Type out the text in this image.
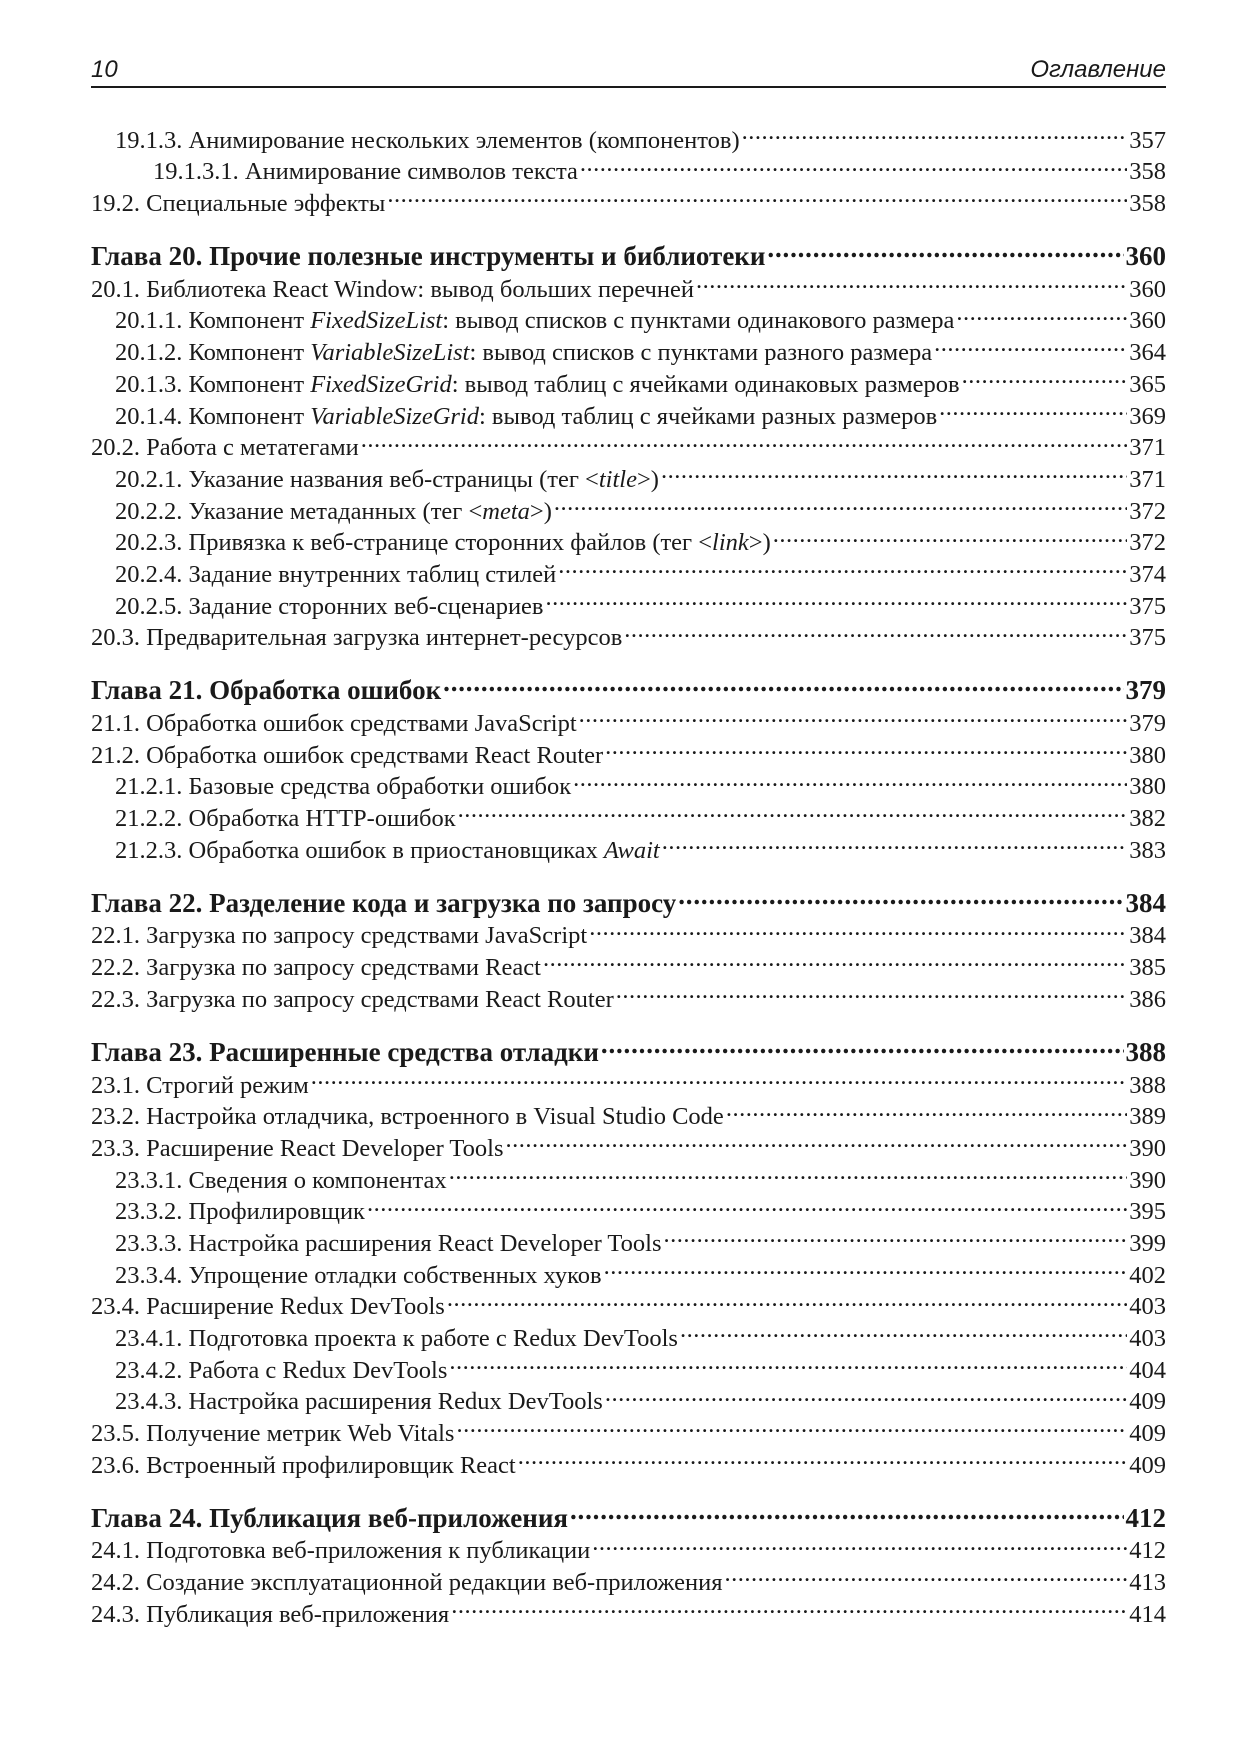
10	Оглавление
19.1.3. Анимирование нескольких элементов (компонентов) .....	357
19.1.3.1. Анимирование символов текста .....	358
19.2. Специальные эффекты .....	358
Глава 20. Прочие полезные инструменты и библиотеки .....	360
20.1. Библиотека React Window: вывод больших перечней .....	360
20.1.1. Компонент FixedSizeList: вывод списков с пунктами одинакового размера .....	360
20.1.2. Компонент VariableSizeList: вывод списков с пунктами разного размера .....	364
20.1.3. Компонент FixedSizeGrid: вывод таблиц с ячейками одинаковых размеров .....	365
20.1.4. Компонент VariableSizeGrid: вывод таблиц с ячейками разных размеров .....	369
20.2. Работа с метатегами .....	371
20.2.1. Указание названия веб-страницы (тег <title>) .....	371
20.2.2. Указание метаданных (тег <meta>) .....	372
20.2.3. Привязка к веб-странице сторонних файлов (тег <link>) .....	372
20.2.4. Задание внутренних таблиц стилей .....	374
20.2.5. Задание сторонних веб-сценариев .....	375
20.3. Предварительная загрузка интернет-ресурсов .....	375
Глава 21. Обработка ошибок .....	379
21.1. Обработка ошибок средствами JavaScript .....	379
21.2. Обработка ошибок средствами React Router .....	380
21.2.1. Базовые средства обработки ошибок .....	380
21.2.2. Обработка HTTP-ошибок .....	382
21.2.3. Обработка ошибок в приостановщиках Await .....	383
Глава 22. Разделение кода и загрузка по запросу .....	384
22.1. Загрузка по запросу средствами JavaScript .....	384
22.2. Загрузка по запросу средствами React .....	385
22.3. Загрузка по запросу средствами React Router .....	386
Глава 23. Расширенные средства отладки .....	388
23.1. Строгий режим .....	388
23.2. Настройка отладчика, встроенного в Visual Studio Code .....	389
23.3. Расширение React Developer Tools .....	390
23.3.1. Сведения о компонентах .....	390
23.3.2. Профилировщик .....	395
23.3.3. Настройка расширения React Developer Tools .....	399
23.3.4. Упрощение отладки собственных хуков .....	402
23.4. Расширение Redux DevTools .....	403
23.4.1. Подготовка проекта к работе с Redux DevTools .....	403
23.4.2. Работа с Redux DevTools .....	404
23.4.3. Настройка расширения Redux DevTools .....	409
23.5. Получение метрик Web Vitals .....	409
23.6. Встроенный профилировщик React .....	409
Глава 24. Публикация веб-приложения .....	412
24.1. Подготовка веб-приложения к публикации .....	412
24.2. Создание эксплуатационной редакции веб-приложения .....	413
24.3. Публикация веб-приложения .....	414
